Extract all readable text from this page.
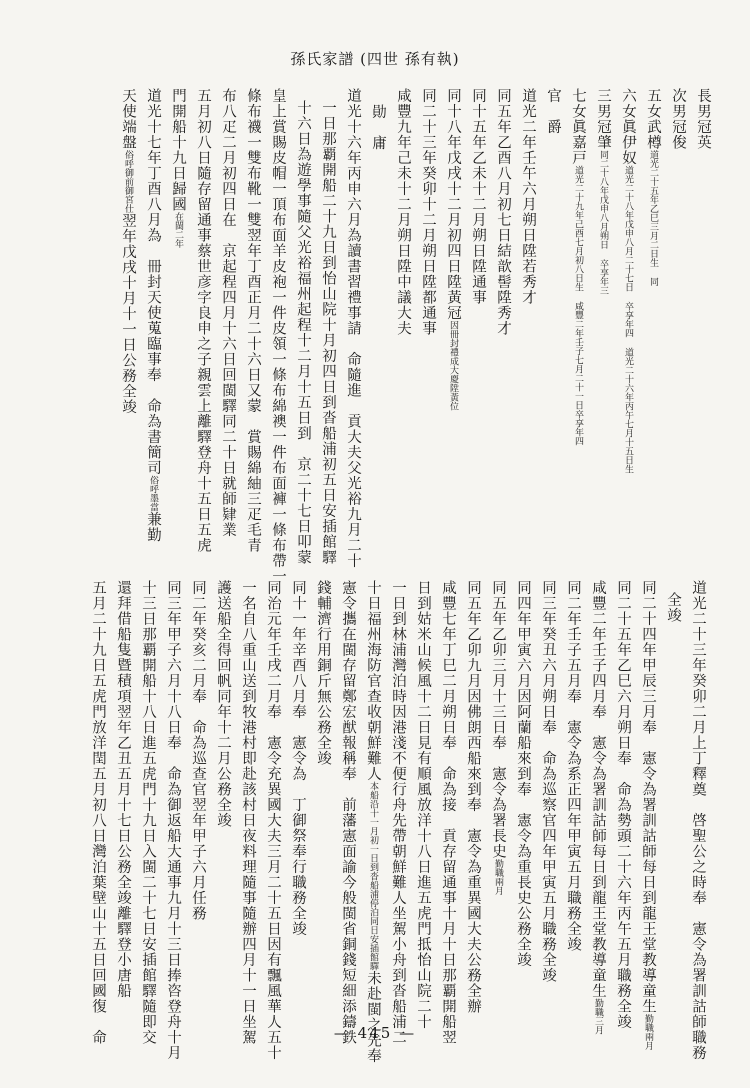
孫氏家譜 (四世 孫有執)
長男冠英
次男冠俊
五女武樽道光二十五年乙巳三月二日生 同
六女眞伊奴道光二十八年戊申八月二十七日 卒享年四 道光二十六年丙午七月十五日生
三男冠肇同二十八年戊申八月朔日 卒享年三
七女眞嘉戸道光二十九年己酉七月初八日生 咸豐二年壬子七月二十一日卒享年四
官　爵
道光二年壬午六月朔日陞若秀才
同五年乙酉八月初七日結歆髻陞秀才
同十五年乙未十二月朔日陞通事
同十八年戊戌十二月初四日陞黃冠因冊封禮成大慶陞黃位
同二十三年癸卯十二月朔日陞都通事
咸豐九年己未十二月朔日陞中議大夫
勛　庸
道光十六年丙申六月為讀書習禮事請　命隨進　貢大夫父光裕九月二十
一日那覇開船二十九日到怡山院十月初四日到沓船浦初五日安插館驛
十六日為遊學事隨父光裕福州起程十二月十五日到　京二十七日叩蒙
皇上賞賜皮帽一頂布面羊皮袍一件皮領一條布綿襖一件布面褲一條布帶一
條布襪一雙布靴一雙翌年丁酉正月二十六日又蒙　賞賜綿紬三疋毛青
布八疋二月初四日在　京起程四月十六日回閩驛同二十日就師肄業
五月初八日隨存留通事蔡世彦字良申之子親雲上離驛登舟十五日五虎
門開船十九日歸國在閩二年
道光十七年丁酉八月為　冊封天使蒐臨事奉　命為書簡司俗呼墨當兼勤
天使端盤俗呼御前御宮仕翌年戊戌十月十一日公務全竣
道光二十三年癸卯二月上丁釋奠　啓聖公之時奉　憲令為署訓詁師職務
全竣
同二十四年甲辰三月奉　憲令為署訓詁師每日到龍王堂教導童生勤職兩月
同二十五年乙巳六月朔日奉　命為勢頭二十六年丙午五月職務全竣
咸豐二年壬子四月奉　憲令為署訓詁師每日到龍王堂教導童生勤職三月
同二年壬子五月奉　憲令為系正四年甲寅五月職務全竣
同三年癸丑六月朔日奉　命為巡察官四年甲寅五月職務全竣
同四年甲寅六月因阿蘭船來到奉　憲令為重長史公務全竣
同五年乙卯三月十三日奉　憲令為署長史勤職兩月
同五年乙卯九月因佛朗西船來到奉　憲令為重異國大夫公務全辦
咸豐七年丁巳二月朔日奉　命為接　貢存留通事十月十日那覇開船翌
日到姑米山候風十二日見有順風放洋十八日進五虎門抵怡山院二十
一日到林浦灣泊時因港淺不便行舟先帶朝鮮難人坐駕小舟到沓船浦二
十日福州海防官查收朝鮮難人本船沿十一月初一日到沓船浦停泊同日安插館驛未赴閩之先奉
憲令攜在閩存留鄭宏猷報稱奉　前藩憲面諭今般閩省銅錢短細添鑄鉄
錢輔濟行用銅斤無公務全竣
同十一年辛酉八月奉　憲令為　丁御祭奉行職務全竣
同治元年壬戌二月奉　憲令充異國大夫三月二十五日因有飄風華人五十
一名自八重山送到牧港村即赴該村日夜料理隨事隨辦四月十一日坐駕
護送船全得回帆同年十二月公務全竣
同二年癸亥二月奉　命為巡查官翌年甲子六月任務
同三年甲子六月十八日奉　命為御返船大通事九月十三日捧咨登舟十月
十三日那覇開船十八日進五虎門十九日入閩二十七日安插館驛隨即交
還拜借船隻暨積項翌年乙丑五月十七日公務全竣離驛登小唐船
五月二十九日五虎門放洋閏五月初八日灣泊葉壁山十五日回國復　命	— 445 —
